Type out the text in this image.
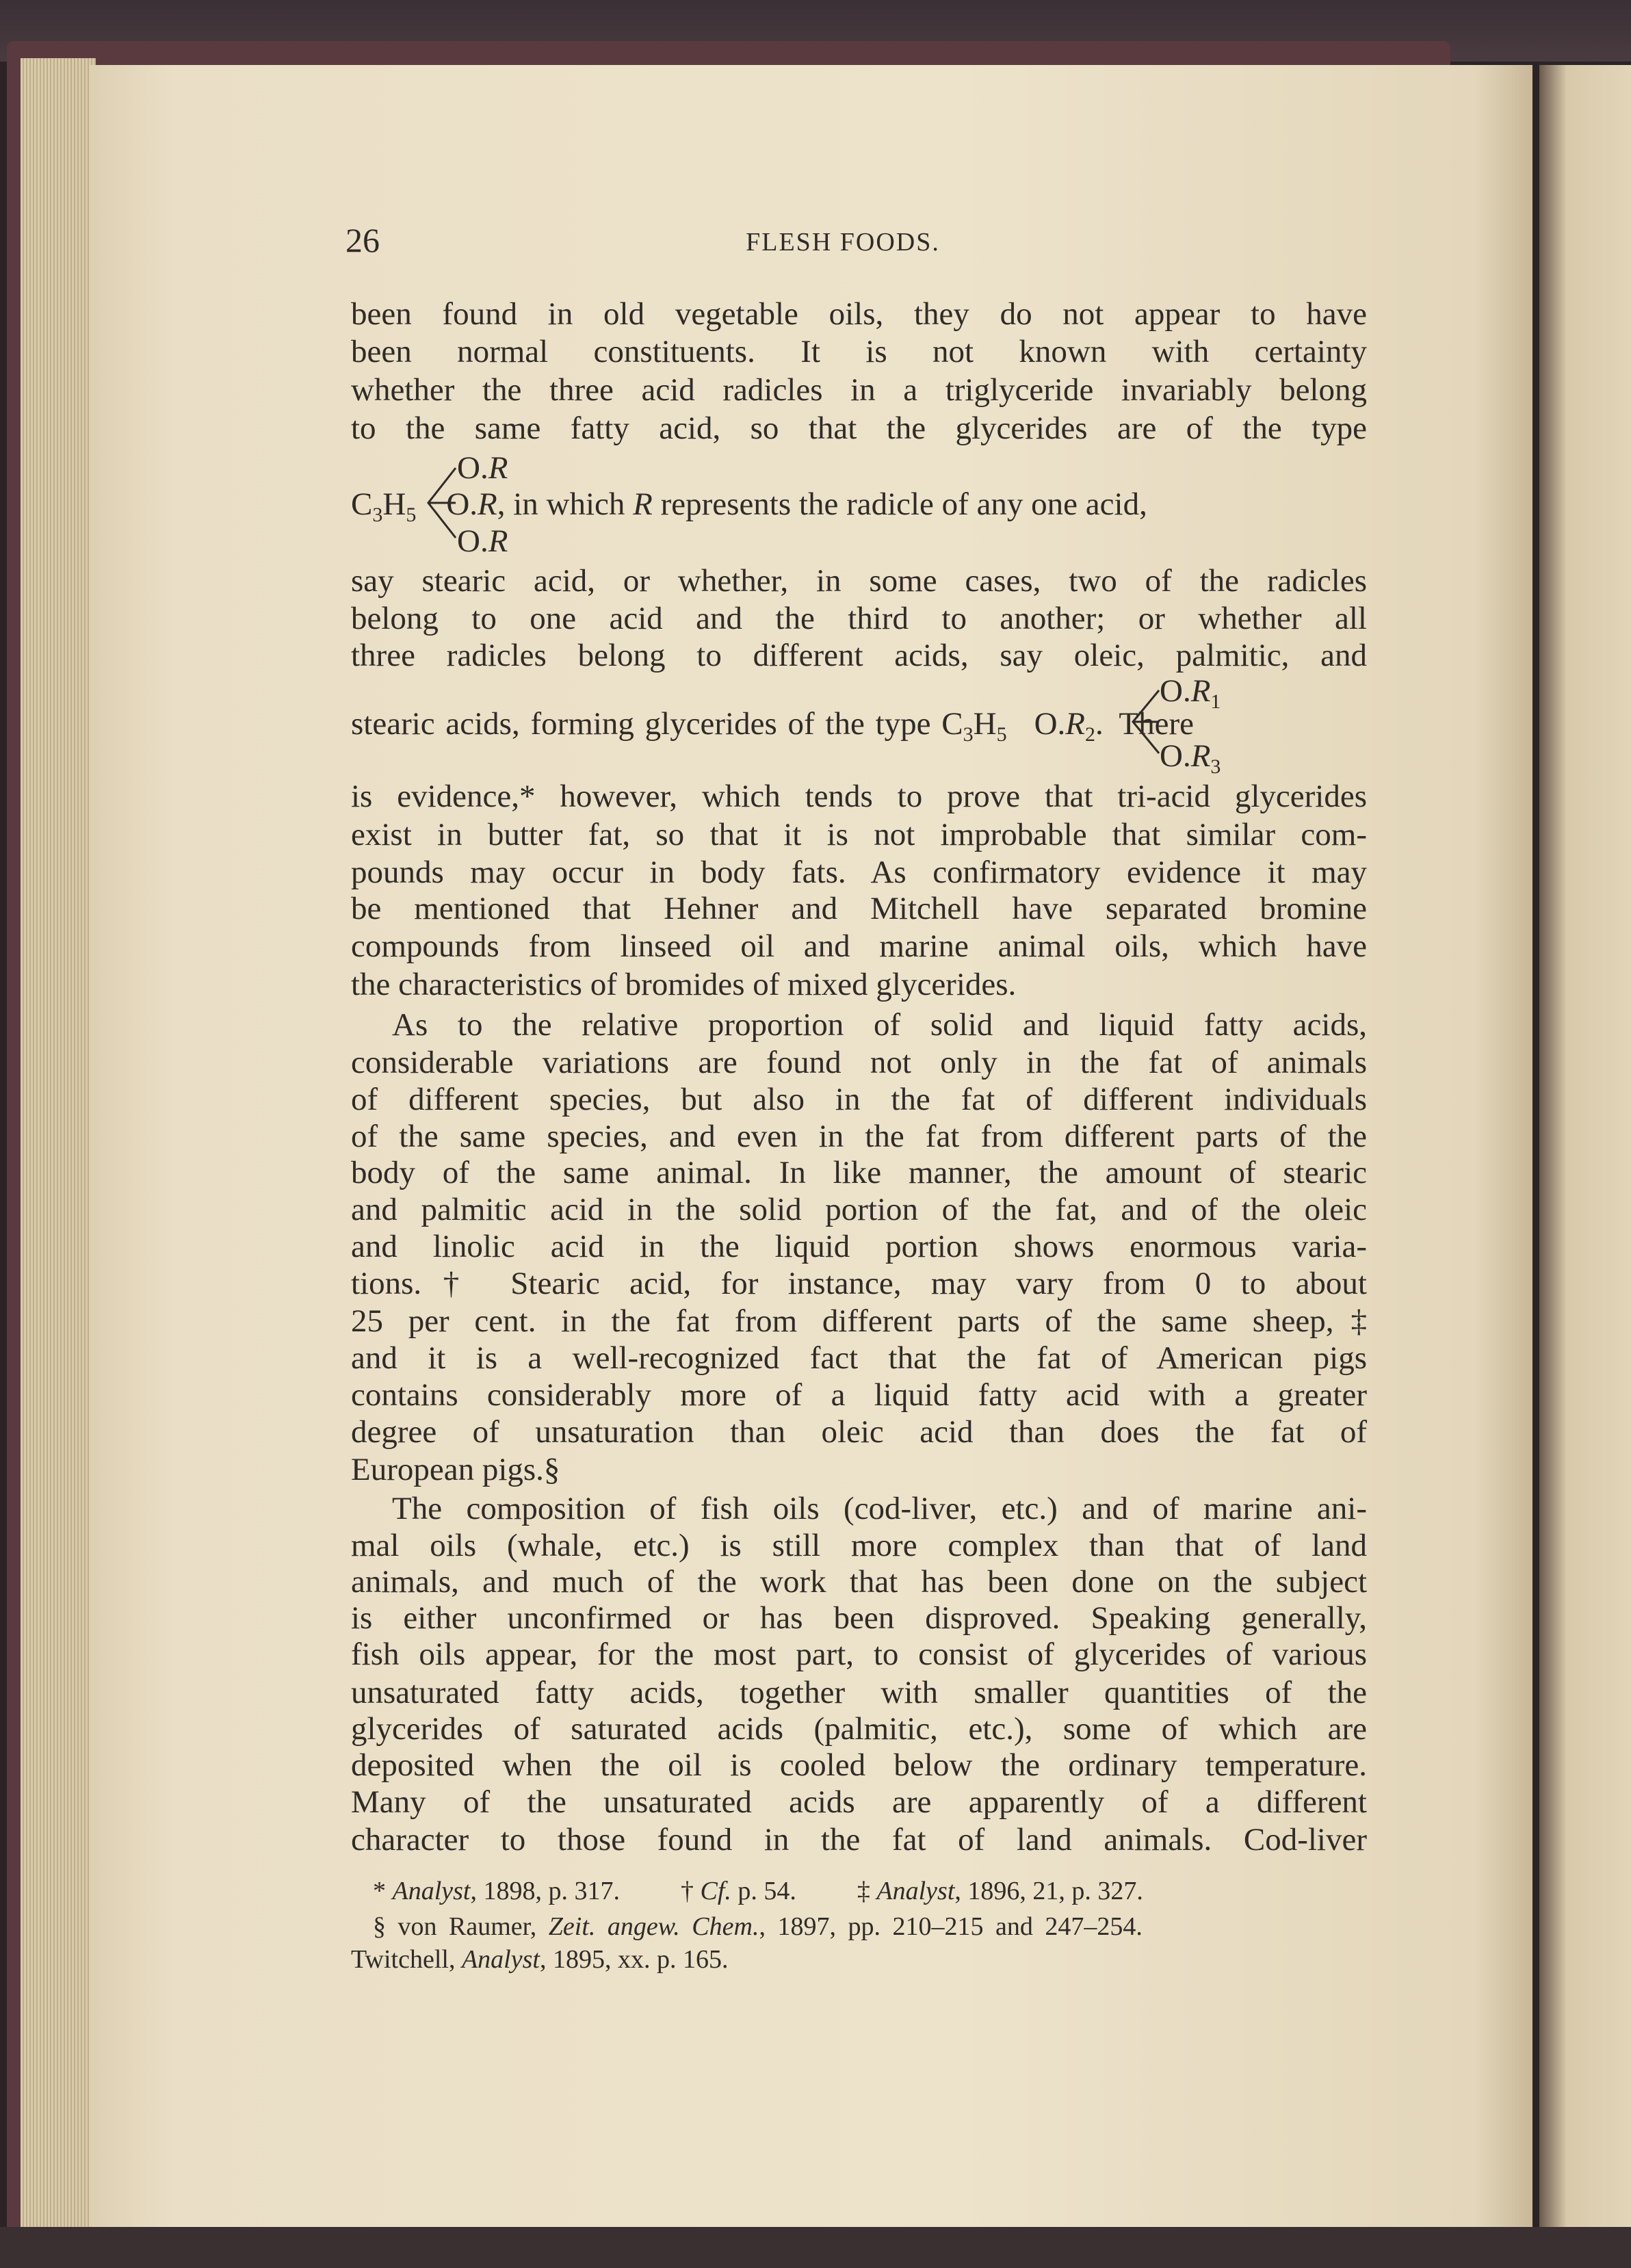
26	FLESH FOODS.
been found in old vegetable oils, they do not appear to have
been normal constituents. It is not known with certainty
whether the three acid radicles in a triglyceride invariably belong
to the same fatty acid, so that the glycerides are of the type
say stearic acid, or whether, in some cases, two of the radicles
belong to one acid and the third to another; or whether all
three radicles belong to different acids, say oleic, palmitic, and
is evidence,* however, which tends to prove that tri-acid glycerides
exist in butter fat, so that it is not improbable that similar com-
pounds may occur in body fats. As confirmatory evidence it may
be mentioned that Hehner and Mitchell have separated bromine
compounds from linseed oil and marine animal oils, which have
the characteristics of bromides of mixed glycerides.
As to the relative proportion of solid and liquid fatty acids,
considerable variations are found not only in the fat of animals
of different species, but also in the fat of different individuals
of the same species, and even in the fat from different parts of the
body of the same animal. In like manner, the amount of stearic
and palmitic acid in the solid portion of the fat, and of the oleic
and linolic acid in the liquid portion shows enormous varia-
tions.† Stearic acid, for instance, may vary from 0 to about
25 per cent. in the fat from different parts of the same sheep,‡
and it is a well-recognized fact that the fat of American pigs
contains considerably more of a liquid fatty acid with a greater
degree of unsaturation than oleic acid than does the fat of
European pigs.§
The composition of fish oils (cod-liver, etc.) and of marine ani-
mal oils (whale, etc.) is still more complex than that of land
animals, and much of the work that has been done on the subject
is either unconfirmed or has been disproved. Speaking generally,
fish oils appear, for the most part, to consist of glycerides of various
unsaturated fatty acids, together with smaller quantities of the
glycerides of saturated acids (palmitic, etc.), some of which are
deposited when the oil is cooled below the ordinary temperature.
Many of the unsaturated acids are apparently of a different
character to those found in the fat of land animals. Cod-liver
O.R
$C_3H_5$ O.R, in which R represents the radicle of any one acid,
O.R
$O.R_1$
stearic acids, forming glycerides of the type $C_3H_5$ $O.R_2$.  There
$O.R_3$
* Analyst, 1898, p. 317. † Cf. p. 54. ‡ Analyst, 1896, 21, p. 327.
§ von Raumer, Zeit. angew. Chem., 1897, pp. 210–215 and 247–254.
Twitchell, Analyst, 1895, xx. p. 165.
